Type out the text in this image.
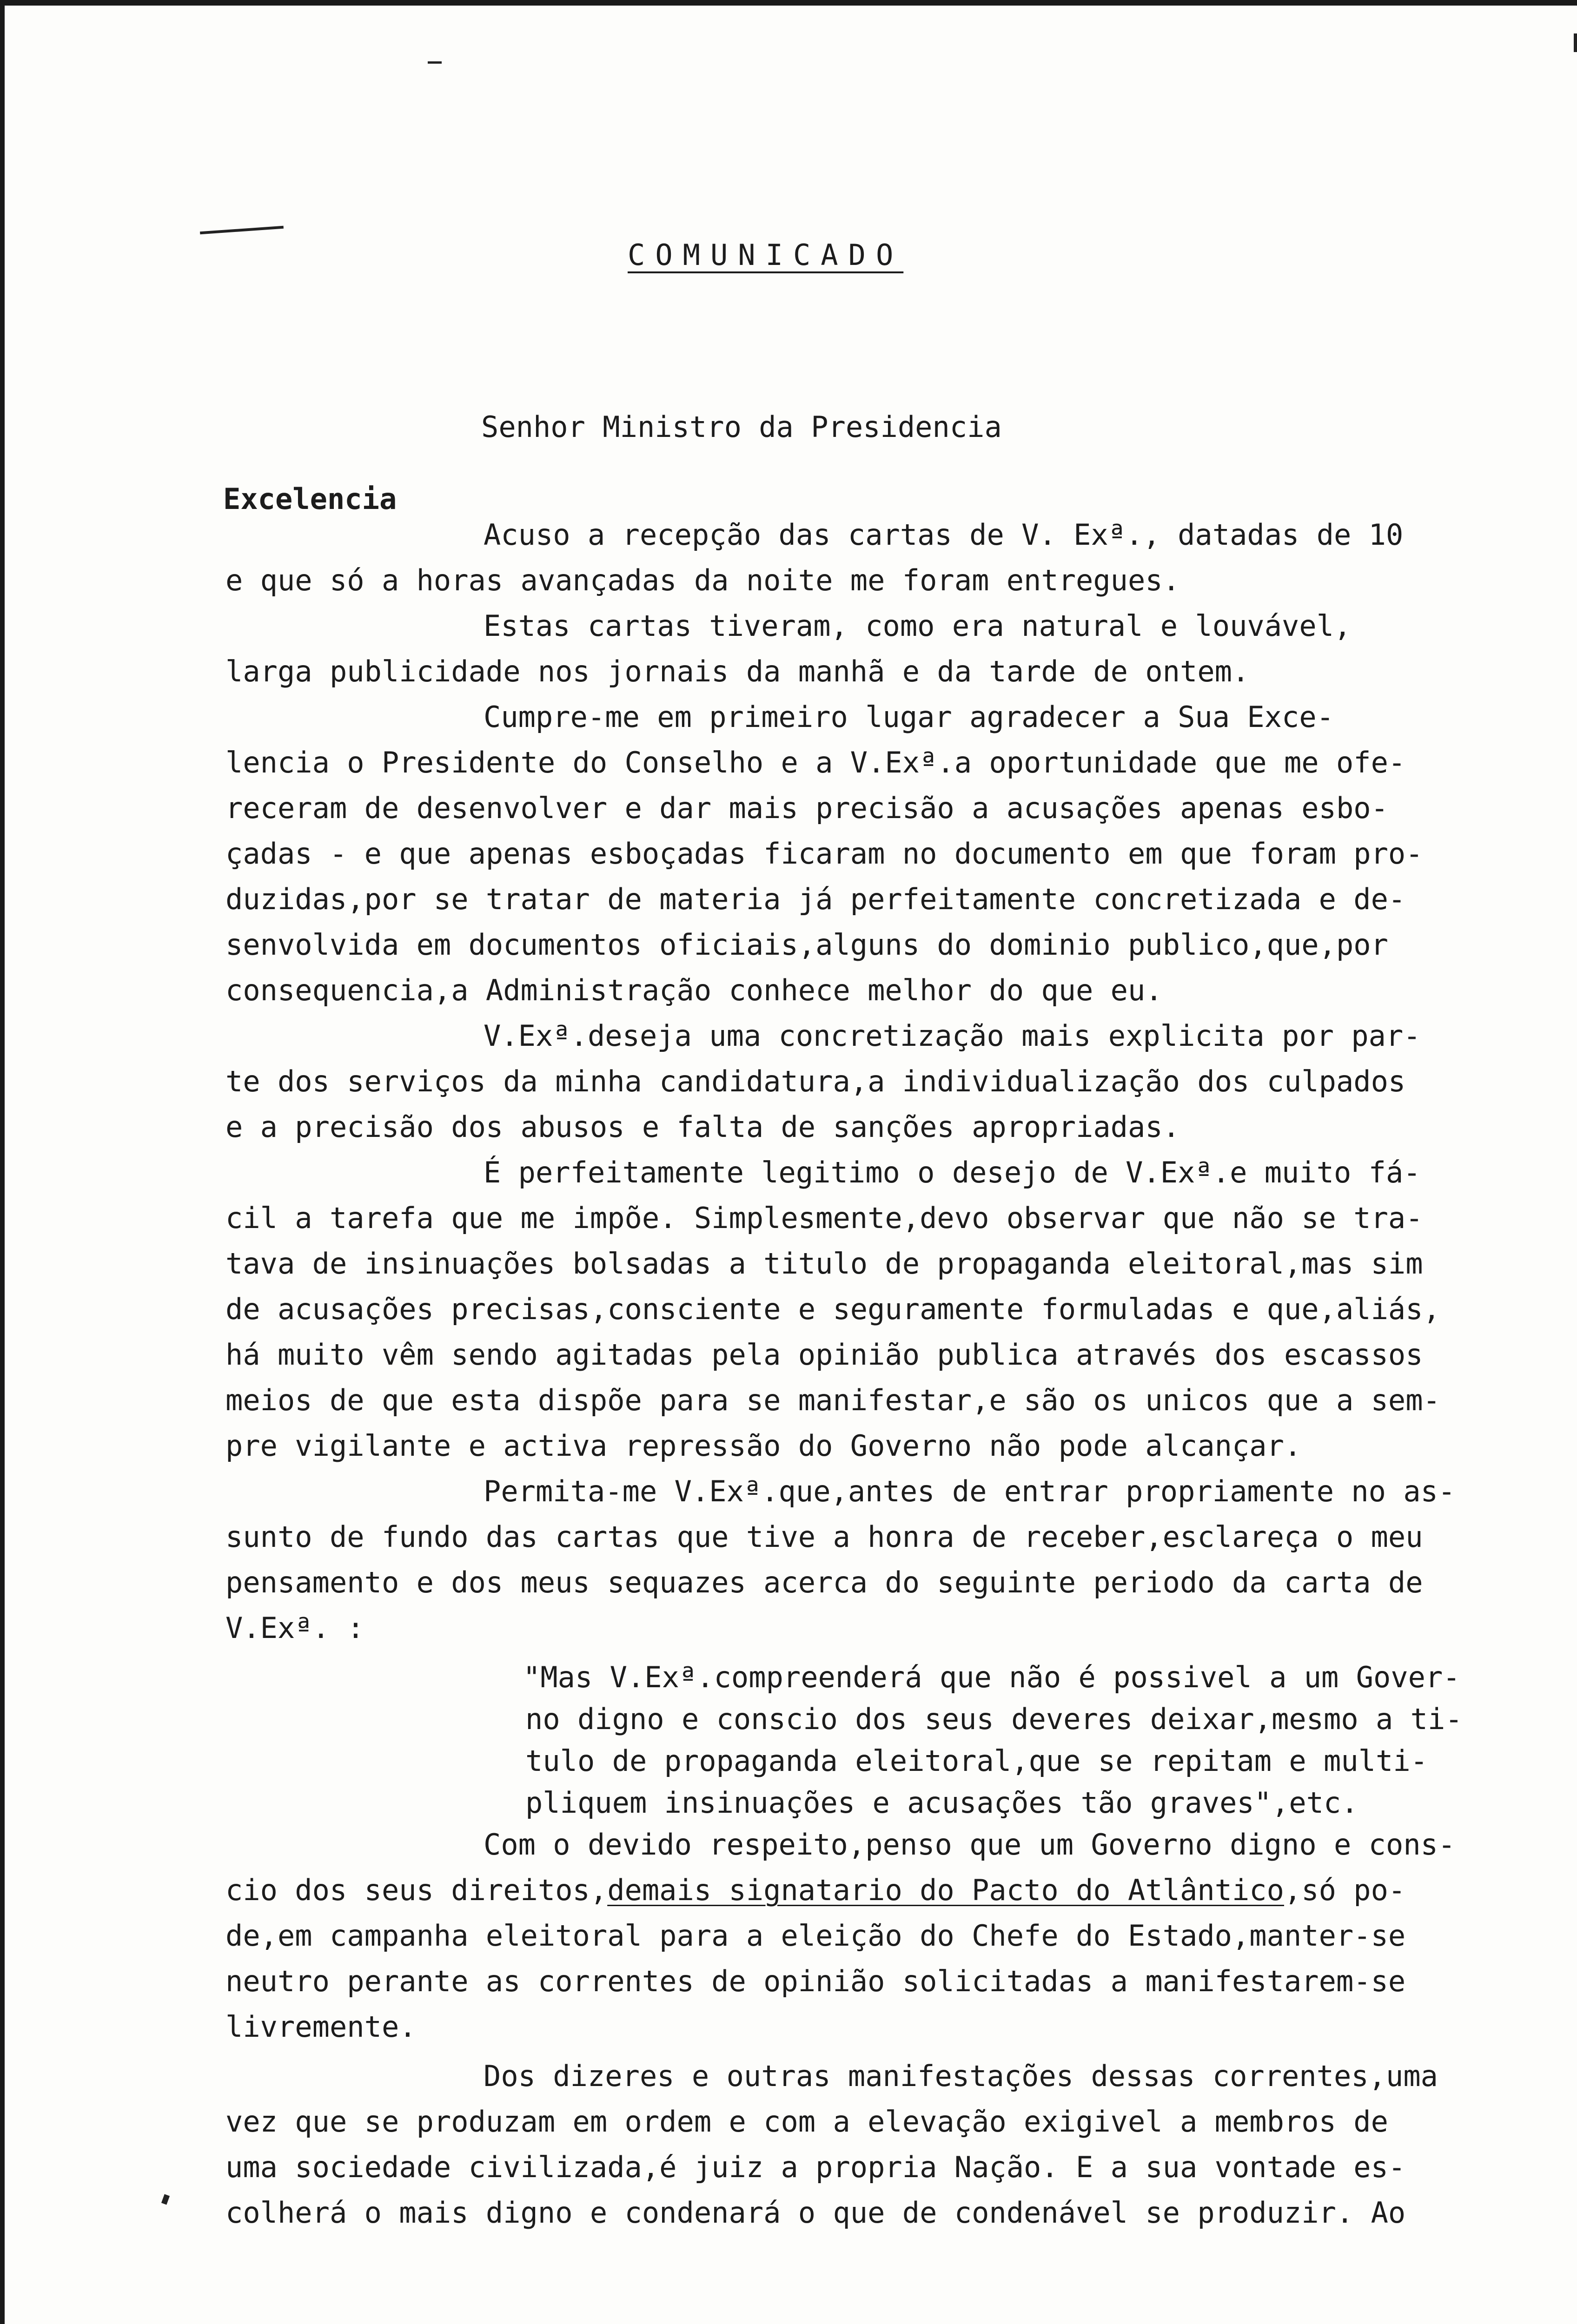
COMUNICADO
Senhor Ministro da Presidencia
Excelencia
Acuso a recepção das cartas de V. Exª., datadas de 10
e que só a horas avançadas da noite me foram entregues.
Estas cartas tiveram, como era natural e louvável,
larga publicidade nos jornais da manhã e da tarde de ontem.
Cumpre-me em primeiro lugar agradecer a Sua Exce-
lencia o Presidente do Conselho e a V.Exª.a oportunidade que me ofe-
receram de desenvolver e dar mais precisão a acusações apenas esbo-
çadas - e que apenas esboçadas ficaram no documento em que foram pro-
duzidas,por se tratar de materia já perfeitamente concretizada e de-
senvolvida em documentos oficiais,alguns do dominio publico,que,por
consequencia,a Administração conhece melhor do que eu.
V.Exª.deseja uma concretização mais explicita por par-
te dos serviços da minha candidatura,a individualização dos culpados
e a precisão dos abusos e falta de sanções apropriadas.
É perfeitamente legitimo o desejo de V.Exª.e muito fá-
cil a tarefa que me impõe. Simplesmente,devo observar que não se tra-
tava de insinuações bolsadas a titulo de propaganda eleitoral,mas sim
de acusações precisas,consciente e seguramente formuladas e que,aliás,
há muito vêm sendo agitadas pela opinião publica através dos escassos
meios de que esta dispõe para se manifestar,e são os unicos que a sem-
pre vigilante e activa repressão do Governo não pode alcançar.
Permita-me V.Exª.que,antes de entrar propriamente no as-
sunto de fundo das cartas que tive a honra de receber,esclareça o meu
pensamento e dos meus sequazes acerca do seguinte periodo da carta de
V.Exª. :
"Mas V.Exª.compreenderá que não é possivel a um Gover-
no digno e conscio dos seus deveres deixar,mesmo a ti-
tulo de propaganda eleitoral,que se repitam e multi-
pliquem insinuações e acusações tão graves",etc.
Com o devido respeito,penso que um Governo digno e cons-
cio dos seus direitos,demais signatario do Pacto do Atlântico,só po-
de,em campanha eleitoral para a eleição do Chefe do Estado,manter-se
neutro perante as correntes de opinião solicitadas a manifestarem-se
livremente.
Dos dizeres e outras manifestações dessas correntes,uma
vez que se produzam em ordem e com a elevação exigivel a membros de
uma sociedade civilizada,é juiz a propria Nação. E a sua vontade es-
colherá o mais digno e condenará o que de condenável se produzir. Ao
